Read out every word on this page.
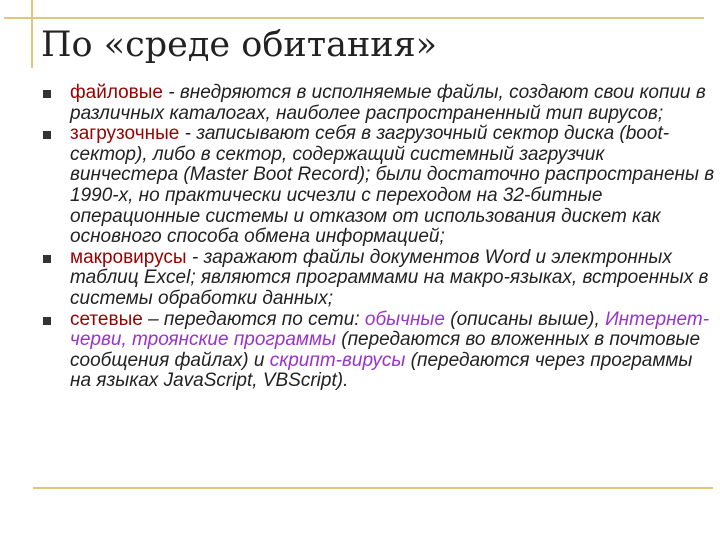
По «среде обитания»
файловые - внедряются в исполняемые файлы, создают свои копии в различных каталогах, наиболее распространенный тип вирусов;
загрузочные - записывают себя в загрузочный сектор диска (boot-сектор), либо в сектор, содержащий системный загрузчик винчестера (Master Boot Record); были достаточно распространены в 1990-х, но практически исчезли с переходом на 32-битные операционные системы и отказом от использования дискет как основного способа обмена информацией;
макровирусы - заражают файлы документов Word и электронных таблиц Excel; являются программами на макро-языках, встроенных в системы обработки данных;
сетевые – передаются по сети: обычные (описаны выше), Интернет-черви, троянские программы (передаются во вложенных в почтовые сообщения файлах) и скрипт-вирусы (передаются через программы на языках JavaScript, VBScript).
